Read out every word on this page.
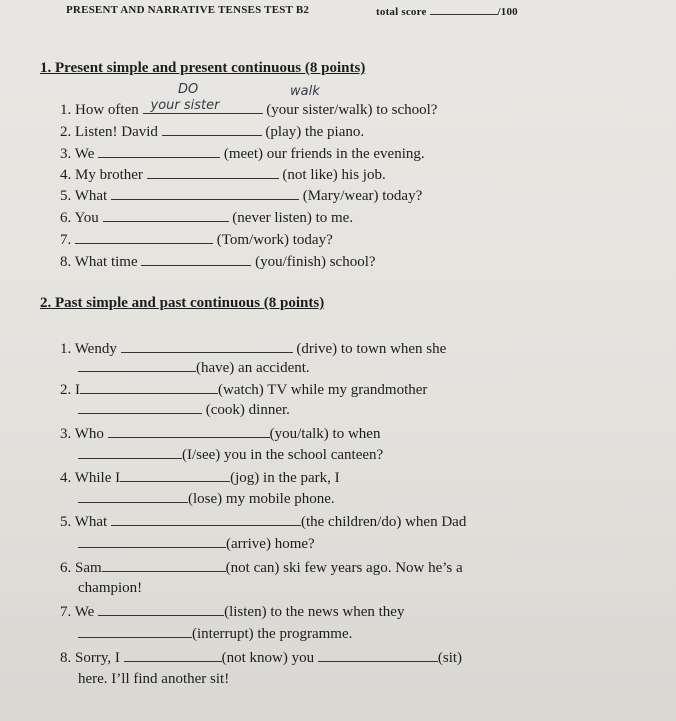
PRESENT AND NARRATIVE TENSES TEST B2	total score	/100
1. Present simple and present continuous (8 points)
DO	walk
1. How often your sister	(your sister/walk) to school?
2. Listen! David	(play) the piano.
3. We	(meet) our friends in the evening.
4. My brother	(not like) his job.
5. What	(Mary/wear) today?
6. You	(never listen) to me.
7.	(Tom/work) today?
8. What time	(you/finish) school?
2. Past simple and past continuous (8 points)
1. Wendy	(drive) to town when she
(have) an accident.
2. I	(watch) TV while my grandmother
(cook) dinner.
3. Who	(you/talk) to when
(I/see) you in the school canteen?
4. While I	(jog) in the park, I
(lose) my mobile phone.
5. What	(the children/do) when Dad
(arrive) home?
6. Sam	(not can) ski few years ago. Now he’s a
champion!
7. We	(listen) to the news when they
(interrupt) the programme.
8. Sorry, I	(not know) you	(sit)
here. I’ll find another sit!
